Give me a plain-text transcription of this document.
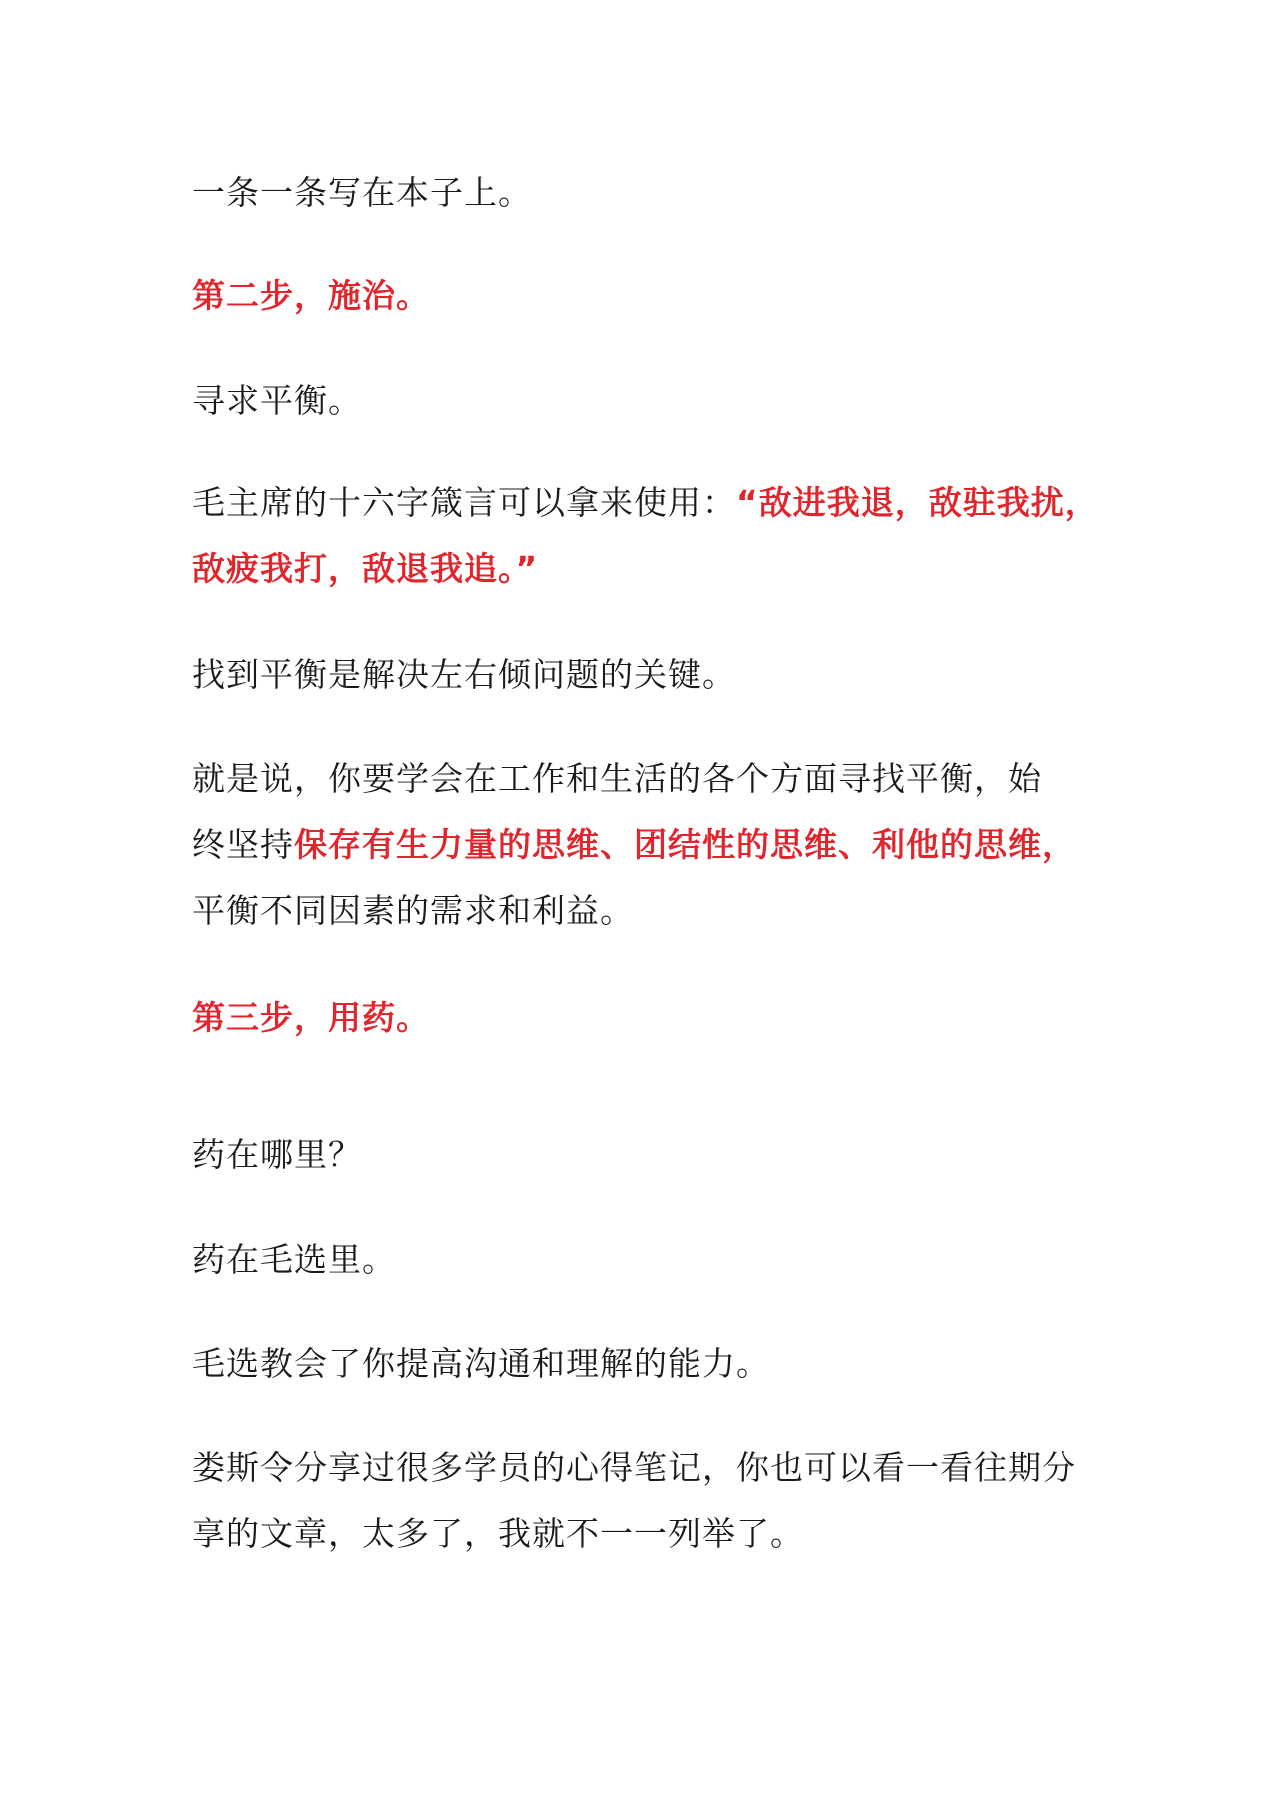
一条一条写在本子上。

第二步，施治。

寻求平衡。

毛主席的十六字箴言可以拿来使用：“敌进我退，敌驻我扰，
敌疲我打，敌退我追。”

找到平衡是解决左右倾问题的关键。

就是说，你要学会在工作和生活的各个方面寻找平衡，始
终坚持保存有生力量的思维、团结性的思维、利他的思维，
平衡不同因素的需求和利益。

第三步，用药。

药在哪里？

药在毛选里。

毛选教会了你提高沟通和理解的能力。

娄斯令分享过很多学员的心得笔记，你也可以看一看往期分
享的文章，太多了，我就不一一列举了。
